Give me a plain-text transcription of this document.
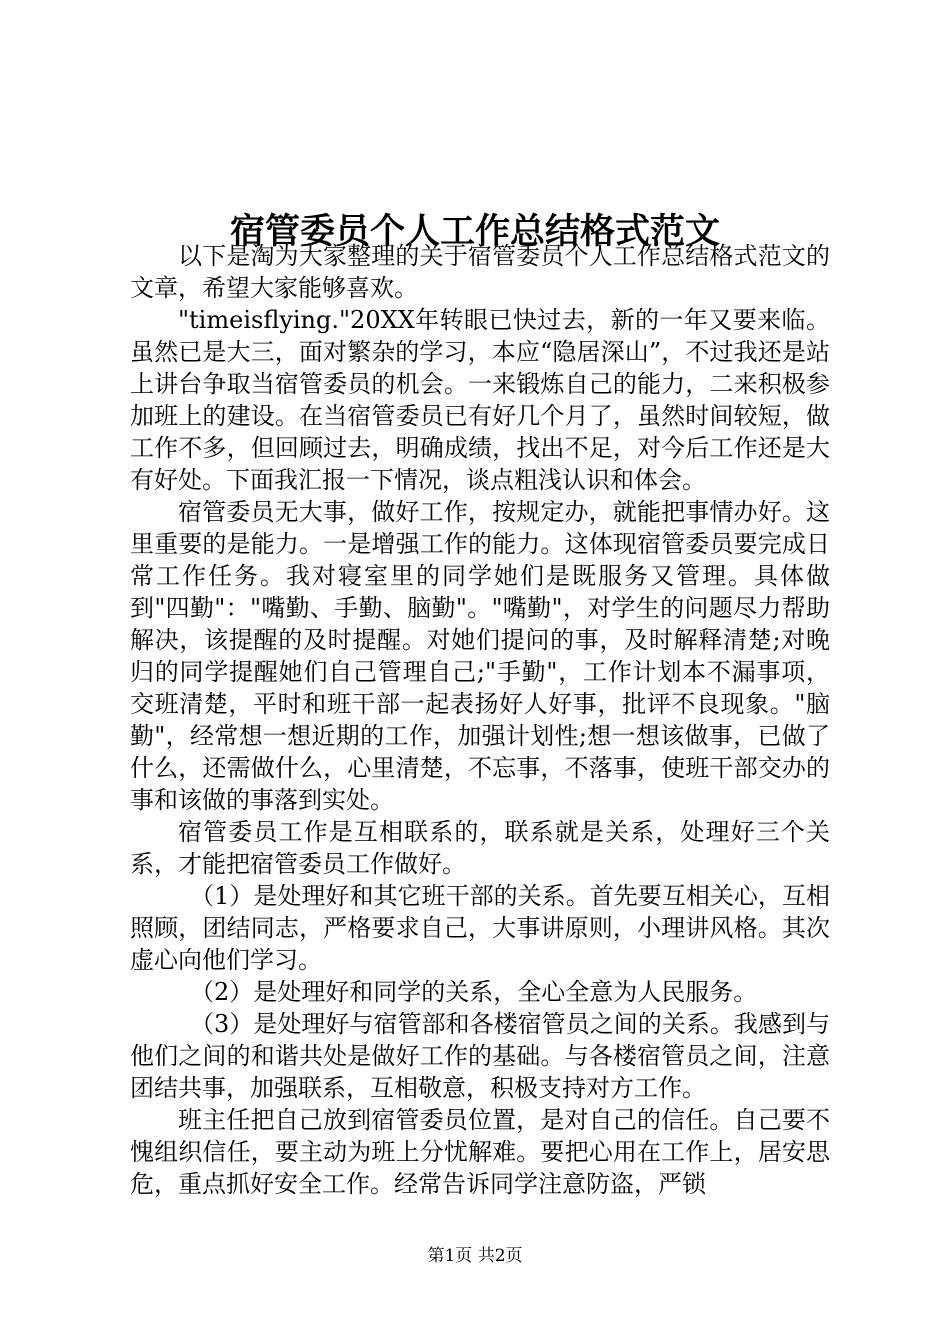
宿管委员个人工作总结格式范文

以下是淘为大家整理的关于宿管委员个人工作总结格式范文的文章，希望大家能够喜欢。

"timeisflying."20XX年转眼已快过去，新的一年又要来临。虽然已是大三，面对繁杂的学习，本应“隐居深山”，不过我还是站上讲台争取当宿管委员的机会。一来锻炼自己的能力，二来积极参加班上的建设。在当宿管委员已有好几个月了，虽然时间较短，做工作不多，但回顾过去，明确成绩，找出不足，对今后工作还是大有好处。下面我汇报一下情况，谈点粗浅认识和体会。

宿管委员无大事，做好工作，按规定办，就能把事情办好。这里重要的是能力。一是增强工作的能力。这体现宿管委员要完成日常工作任务。我对寝室里的同学她们是既服务又管理。具体做到"四勤"："嘴勤、手勤、脑勤"。"嘴勤"，对学生的问题尽力帮助解决，该提醒的及时提醒。对她们提问的事，及时解释清楚;对晚归的同学提醒她们自己管理自己;"手勤"，工作计划本不漏事项，交班清楚，平时和班干部一起表扬好人好事，批评不良现象。"脑勤"，经常想一想近期的工作，加强计划性;想一想该做事，已做了什么，还需做什么，心里清楚，不忘事，不落事，使班干部交办的事和该做的事落到实处。

宿管委员工作是互相联系的，联系就是关系，处理好三个关系，才能把宿管委员工作做好。

（1）是处理好和其它班干部的关系。首先要互相关心，互相照顾，团结同志，严格要求自己，大事讲原则，小理讲风格。其次虚心向他们学习。

（2）是处理好和同学的关系，全心全意为人民服务。

（3）是处理好与宿管部和各楼宿管员之间的关系。我感到与他们之间的和谐共处是做好工作的基础。与各楼宿管员之间，注意团结共事，加强联系，互相敬意，积极支持对方工作。

班主任把自己放到宿管委员位置，是对自己的信任。自己要不愧组织信任，要主动为班上分忧解难。要把心用在工作上，居安思危，重点抓好安全工作。经常告诉同学注意防盗，严锁

第1页 共2页
